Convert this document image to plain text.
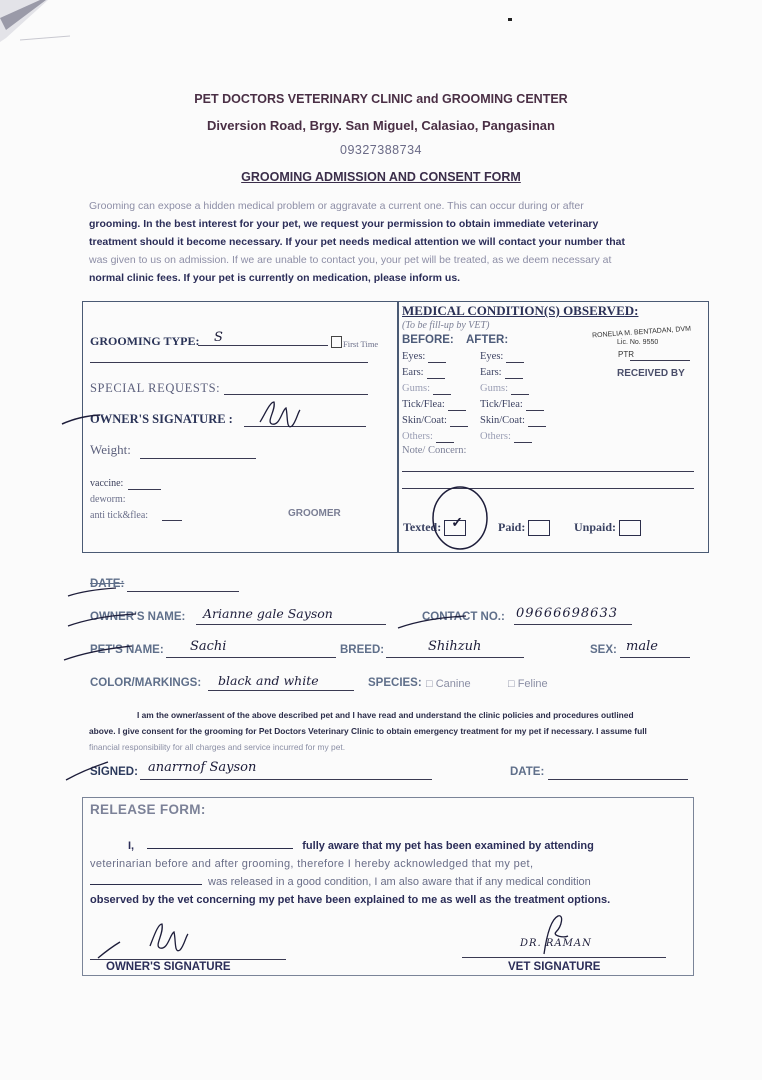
PET DOCTORS VETERINARY CLINIC and GROOMING CENTER
Diversion Road, Brgy. San Miguel, Calasiao, Pangasinan
09327388734
GROOMING ADMISSION AND CONSENT FORM
Grooming can expose a hidden medical problem or aggravate a current one. This can occur during or after
grooming. In the best interest for your pet, we request your permission to obtain immediate veterinary
treatment should it become necessary. If your pet needs medical attention we will contact your number that
was given to us on admission. If we are unable to contact you, your pet will be treated, as we deem necessary at
normal clinic fees. If your pet is currently on medication, please inform us.
GROOMING TYPE: S	First Time
SPECIAL REQUESTS:
OWNER'S SIGNATURE :
Weight:
vaccine:
deworm:
anti tick&flea:	GROOMER
MEDICAL CONDITION(S) OBSERVED:
(To be fill-up by VET)
BEFORE: AFTER:
Eyes:	Eyes:
Ears:	Ears:
Gums:	Gums:
Tick/Flea:	Tick/Flea:
Skin/Coat:	Skin/Coat:
Others:	Others:
Note/ Concern:
RONELIA M. BENTADAN, DVM
Lic. No. 9550
PTR
RECEIVED BY
Texted: ✓	Paid:	Unpaid:
DATE:
OWNER'S NAME: Arianne gale Sayson	CONTACT NO.: 09666698633
PET'S NAME: Sachi	BREED:	Shihzuh	SEX: male
COLOR/MARKINGS: black and white	SPECIES: □ Canine	□ Feline
I am the owner/assent of the above described pet and I have read and understand the clinic policies and procedures outlined
above. I give consent for the grooming for Pet Doctors Veterinary Clinic to obtain emergency treatment for my pet if necessary. I assume full
financial responsibility for all charges and service incurred for my pet.
SIGNED: anarrnof Sayson	DATE:
RELEASE FORM:
I,	fully aware that my pet has been examined by attending
veterinarian before and after grooming, therefore I hereby acknowledged that my pet,
was released in a good condition, I am also aware that if any medical condition
observed by the vet concerning my pet have been explained to me as well as the treatment options.
OWNER'S SIGNATURE
DR. RAMAN
VET SIGNATURE
